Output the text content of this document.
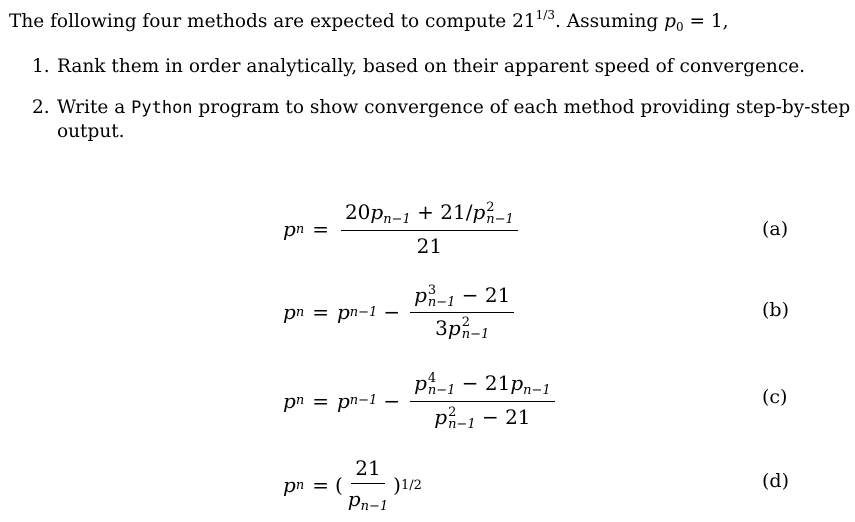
The following four methods are expected to compute $21^{1/3}$. Assuming $p_0 = 1$,
1. Rank them in order analytically, based on their apparent speed of convergence.
2. Write a Python program to show convergence of each method providing step-by-step
output.
p $n = 20p_{n-1} + 21/p$ 2
n−1
21	(a)
p n = p n−1 − p 3
n−1 − 21
3p 2
n−1	(b)
p n = p n−1 − p 4
$n-1 - 21p_{n-1}$
p 2
n−1 − 21	(c)
p n = ( $\frac{21}{p_{n-1}}$ ) 1/2	(d)
